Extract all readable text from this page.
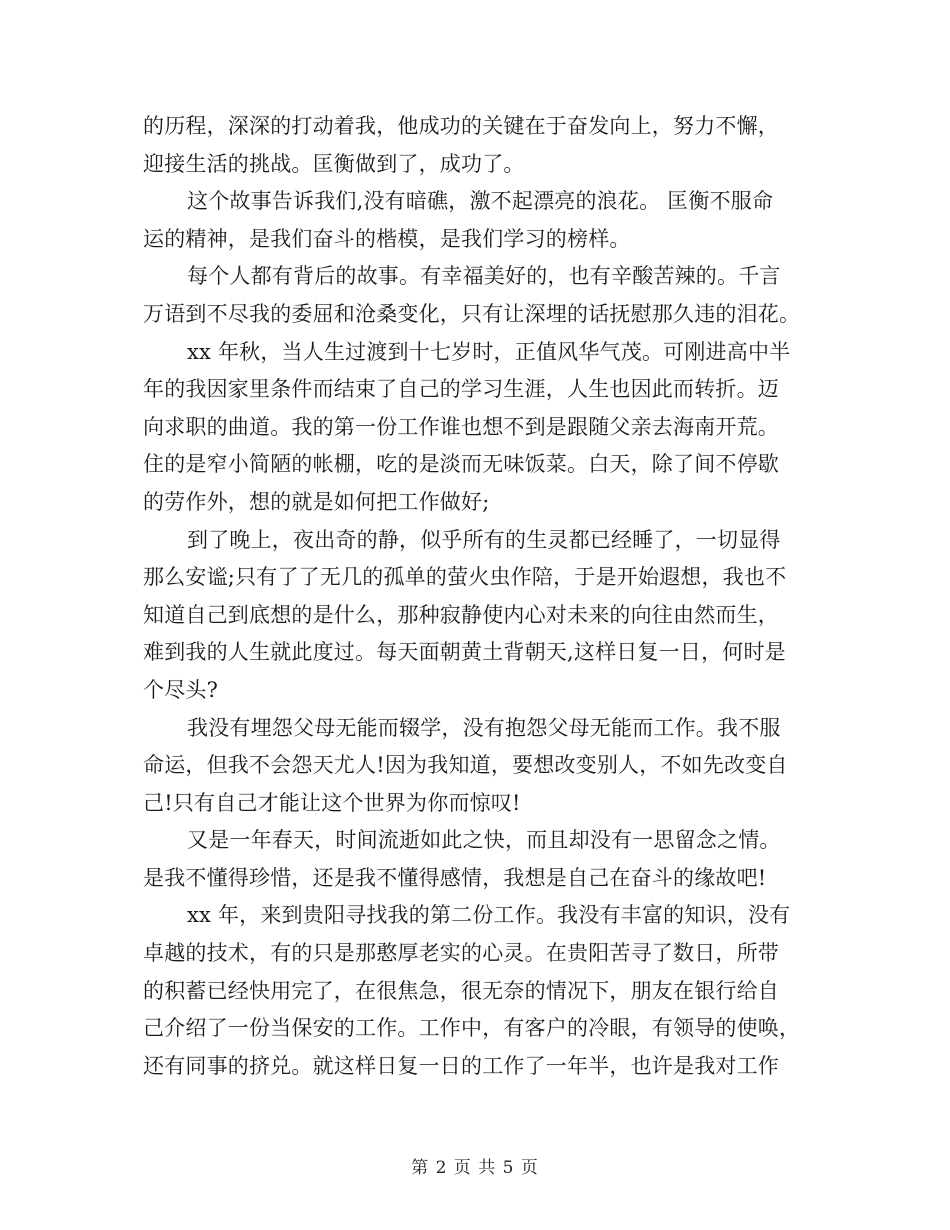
的历程，深深的打动着我，他成功的关键在于奋发向上，努力不懈，
迎接生活的挑战。匡衡做到了，成功了。
这个故事告诉我们,没有暗礁，激不起漂亮的浪花。 匡衡不服命
运的精神，是我们奋斗的楷模，是我们学习的榜样。
每个人都有背后的故事。有幸福美好的，也有辛酸苦辣的。千言
万语到不尽我的委屈和沧桑变化，只有让深埋的话抚慰那久违的泪花。
xx 年秋，当人生过渡到十七岁时，正值风华气茂。可刚进高中半
年的我因家里条件而结束了自己的学习生涯，人生也因此而转折。迈
向求职的曲道。我的第一份工作谁也想不到是跟随父亲去海南开荒。
住的是窄小简陋的帐棚，吃的是淡而无味饭菜。白天，除了间不停歇
的劳作外，想的就是如何把工作做好;
到了晚上，夜出奇的静，似乎所有的生灵都已经睡了，一切显得
那么安谧;只有了了无几的孤单的萤火虫作陪，于是开始遐想，我也不
知道自己到底想的是什么，那种寂静使内心对未来的向往由然而生，
难到我的人生就此度过。每天面朝黄土背朝天,这样日复一日，何时是
个尽头?
我没有埋怨父母无能而辍学，没有抱怨父母无能而工作。我不服
命运，但我不会怨天尤人!因为我知道，要想改变别人，不如先改变自
己!只有自己才能让这个世界为你而惊叹!
又是一年春天，时间流逝如此之快，而且却没有一思留念之情。
是我不懂得珍惜，还是我不懂得感情，我想是自己在奋斗的缘故吧!
xx 年，来到贵阳寻找我的第二份工作。我没有丰富的知识，没有
卓越的技术，有的只是那憨厚老实的心灵。在贵阳苦寻了数日，所带
的积蓄已经快用完了，在很焦急，很无奈的情况下，朋友在银行给自
己介绍了一份当保安的工作。工作中，有客户的冷眼，有领导的使唤，
还有同事的挤兑。就这样日复一日的工作了一年半，也许是我对工作
第 2 页 共 5 页
